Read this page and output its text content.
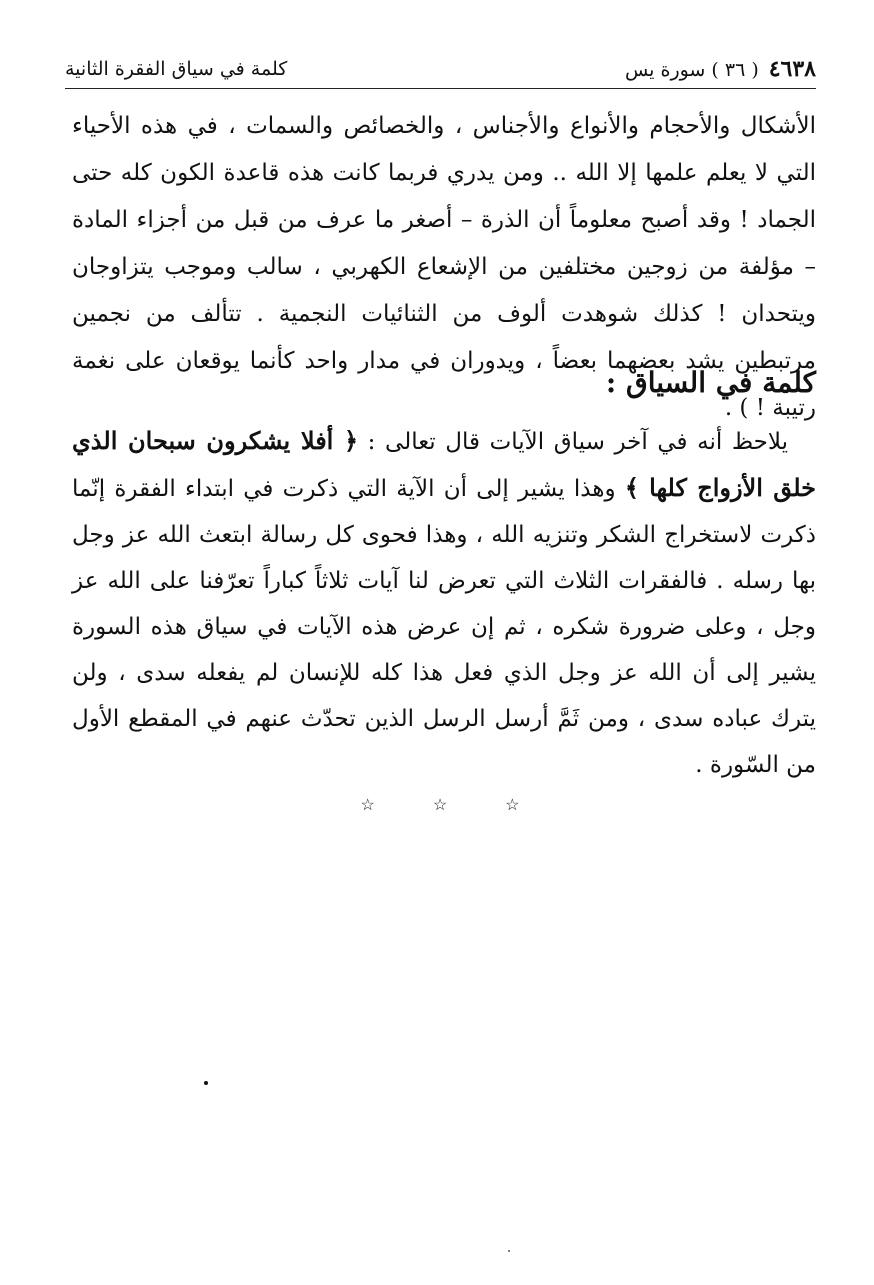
٤٦٣٨
( ٣٦ ) سورة يس
كلمة في سياق الفقرة الثانية

الأشكال والأحجام والأنواع والأجناس ، والخصائص والسمات ، في هذه الأحياء التي لا يعلم علمها إلا الله .. ومن يدري فربما كانت هذه قاعدة الكون كله حتى الجماد ! وقد أصبح معلوماً أن الذرة – أصغر ما عرف من قبل من أجزاء المادة – مؤلفة من زوجين مختلفين من الإشعاع الكهربي ، سالب وموجب يتزاوجان ويتحدان ! كذلك شوهدت ألوف من الثنائيات النجمية . تتألف من نجمين مرتبطين يشد بعضهما بعضاً ، ويدوران في مدار واحد كأنما يوقعان على نغمة رتيبة ! ) .

كلمة في السياق :

يلاحظ أنه في آخر سياق الآيات قال تعالى : ﴿ أفلا يشكرون سبحان الذي خلق الأزواج كلها ﴾ وهذا يشير إلى أن الآية التي ذكرت في ابتداء الفقرة إنّما ذكرت لاستخراج الشكر وتنزيه الله ، وهذا فحوى كل رسالة ابتعث الله عز وجل بها رسله . فالفقرات الثلاث التي تعرض لنا آيات ثلاثاً كباراً تعرّفنا على الله عز وجل ، وعلى ضرورة شكره ، ثم إن عرض هذه الآيات في سياق هذه السورة يشير إلى أن الله عز وجل الذي فعل هذا كله للإنسان لم يفعله سدى ، ولن يترك عباده سدى ، ومن ثَمَّ أرسل الرسل الذين تحدّث عنهم في المقطع الأول من السّورة .

☆	☆	☆
